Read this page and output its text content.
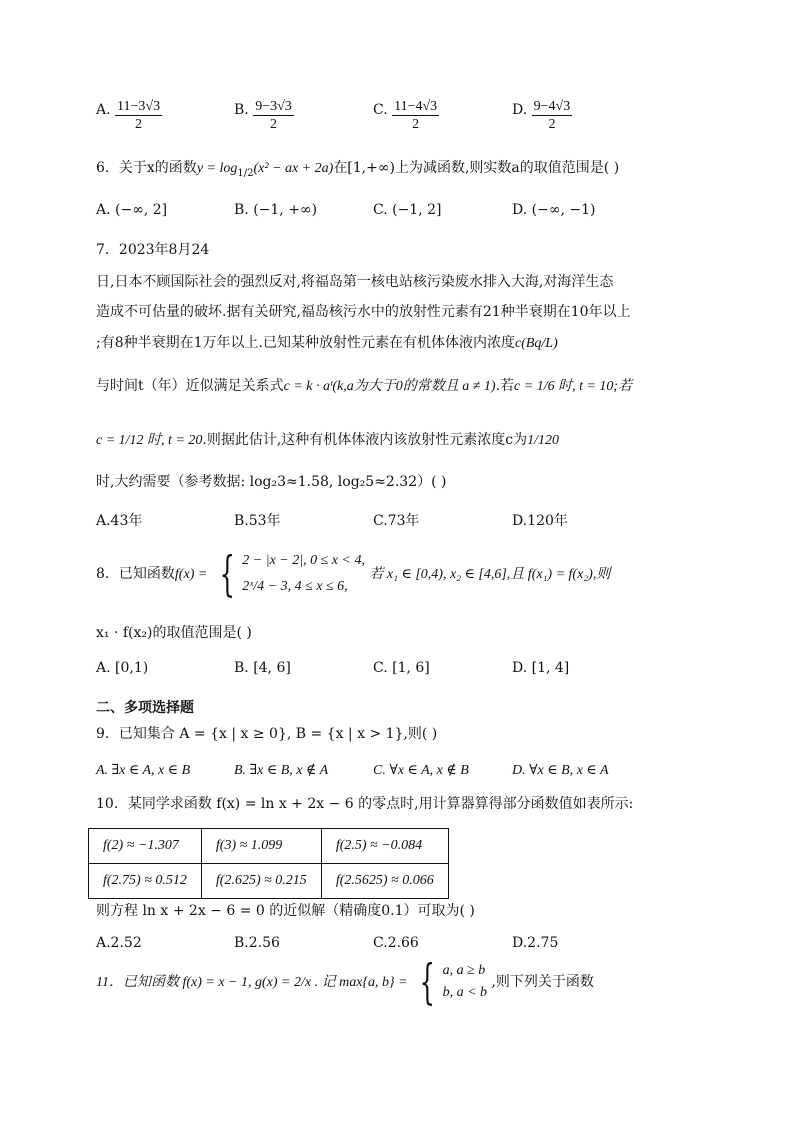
A. $\frac{11-3√3}{2}$	B. $\frac{9-3√3}{2}$	C. $\frac{11-4√3}{2}$	D. $\frac{9-4√3}{2}$
6．关于x的函数$y = \log_{1/2}(x^2$ − ax + 2a)在[1,+∞)上为减函数,则实数a的取值范围是( )
A. (−∞, 2]	B. (−1, +∞)	C. (−1, 2]	D. (−∞, −1)
7．2023年8月24
日,日本不顾国际社会的强烈反对,将福岛第一核电站核污染废水排入大海,对海洋生态
造成不可估量的破坏.据有关研究,福岛核污水中的放射性元素有21种半衰期在10年以上
;有8种半衰期在1万年以上.已知某种放射性元素在有机体体液内浓度c(Bq/L)
与时间t（年）近似满足关系式c = k · aᵗ(k,a为大于0的常数且 a ≠ 1).若c = 1/6 时, t = 10;若
c = 1/12 时, t = 20.则据此估计,这种有机体体液内该放射性元素浓度c为1/120
时,大约需要（参考数据: log₂3≈1.58, log₂5≈2.32）( )
A.43年	B.53年	C.73年	D.120年
8．已知函数f(x) = { 2 − |x − 2|, 0 ≤ x < 4,
2ˣ/4 − 3, 4 ≤ x ≤ 6,
若 x₁ ∈ [0,4), x₂ ∈ [4,6],且 f(x₁) = f(x₂),则
x₁ · f(x₂)的取值范围是( )
A. [0,1)	B. [4, 6]	C. [1, 6]	D. [1, 4]
二、多项选择题
9．已知集合 A = {x | x ≥ 0}, B = {x | x > 1},则( )
A. ∃x ∈ A, x ∈ B	B. ∃x ∈ B, x ∉ A	C. ∀x ∈ A, x ∉ B	D. ∀x ∈ B, x ∈ A
10．某同学求函数 f(x) = ln x + 2x − 6 的零点时,用计算器算得部分函数值如表所示:
f(2) ≈ −1.307	f(3) ≈ 1.099	f(2.5) ≈ −0.084
f(2.75) ≈ 0.512	f(2.625) ≈ 0.215	f(2.5625) ≈ 0.066
则方程 ln x + 2x − 6 = 0 的近似解（精确度0.1）可取为( )
A.2.52	B.2.56	C.2.66	D.2.75
11．已知函数 f(x) = x − 1, g(x) = 2/x . 记 max{a, b} = { a, a ≥ b
b, a < b
,则下列关于函数
